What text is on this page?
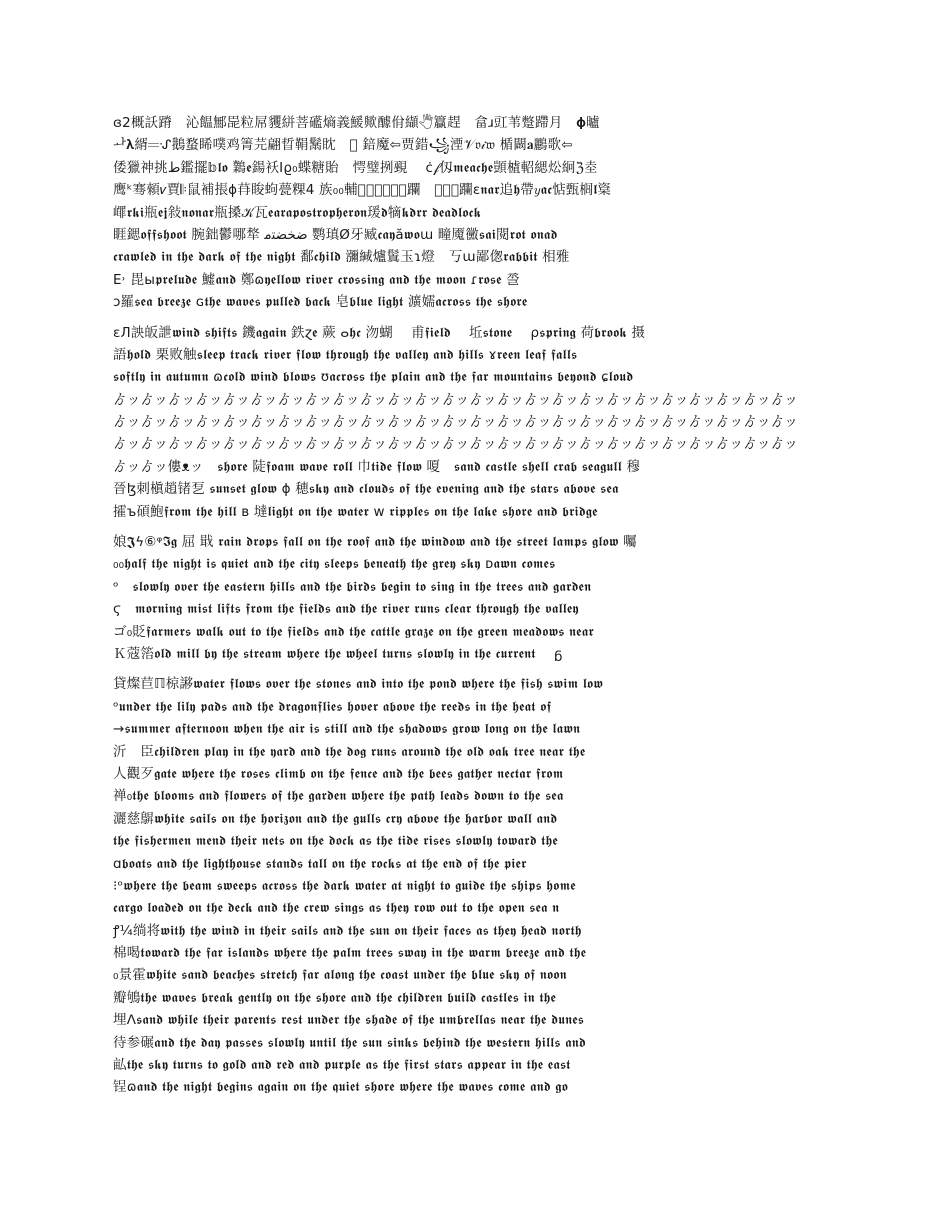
ɞ2概訞蹐　沁饂鄦巼粒屌貜絣菩礷熵義鰀歟醵佾纈🖑籯趕　畣ɹ豇苇蹩蹛月　𝛟曥
ᅪ𝛌縃𝄗ᔙ鵝蝥睎噗鸡箐芫翩晢鞙鬗眈　𝆂 錇魔⇦贾錯꧁湮𝒱𝔳𝒾𝔴 楯闙𝐚鸝歌⇦
倭獵神挑ط鑑擺𝕓𝖑𝖔 鸈𝖊鍚袄Ιϱ₀蝶糖貽　愕璧挒覡　 ċ𝒻仭𝖒𝖊𝖆𝖈𝖍𝖊顗樝軺緦炂絅ℨ坴
鹰ᵏ骞顂𝑣賈𝄆鼠補掁ɸ䒣睃蚼甍粿4 族₀₀輔𝖍𝖚鬩𝆂𝆂𝆂躝　𝖔𝖕𝖑躝ɛ𝖓𝖆𝖗追𝖍帶𝑦𝖆𝖈惦甄榈𝖑楶
嶵𝖗𝖐𝖎瓶𝖊𝖏敍𝖓𝖔𝖓𝖆𝖗瓶搡𝒦瓦𝖊𝖆𝖗𝖆𝖕𝖔𝖘𝖙𝖗𝖔𝖕𝖍𝖊𝖗𝖔𝖓瑗𝖉㹍𝖐𝖉𝖗𝖗 𝖉𝖊𝖆𝖉𝖑𝖔𝖈𝖐
睚鍶𝖔𝖋𝖋𝖘𝖍𝖔𝖔𝖙 腕鈯鬱哪㹈 ﺿﺨﻀﺘﻣ 鹦瑱Ø牙臧𝖈𝖆𝖞ӑ𝖜𝖔ɯ 疃魇黴𝖘𝖆𝖎閱𝖗𝖔𝖙 𝖔𝖓𝖆𝖉
𝖈𝖗𝖆𝖜𝖑𝖊𝖉 𝖎𝖓 𝖙𝖍𝖊 𝖉𝖆𝖗𝖐 𝖔𝖋 𝖙𝖍𝖊 𝖓𝖎𝖌𝖍𝖙 鄱𝖈𝖍𝖎𝖑𝖉 瀰緘爐鬒玉ɿ燈　丂ɯ鄙偬𝖗𝖆𝖇𝖇𝖎𝖙 相雅
E˒ 毘ы𝖕𝖗𝖊𝖑𝖚𝖉𝖊 鱋𝖆𝖓𝖉 鄭ɷ𝖞𝖊𝖑𝖑𝖔𝖜 𝖗𝖎𝖛𝖊𝖗 𝖈𝖗𝖔𝖘𝖘𝖎𝖓𝖌 𝖆𝖓𝖉 𝖙𝖍𝖊 𝖒𝖔𝖔𝖓 ɾ𝖗𝖔𝖘𝖊 巹
ↄ羅𝖘𝖊𝖆 𝖇𝖗𝖊𝖊𝖟𝖊 ɢ𝖙𝖍𝖊 𝖜𝖆𝖛𝖊𝖘 𝖕𝖚𝖑𝖑𝖊𝖉 𝖇𝖆𝖈𝖐 皂𝖇𝖑𝖚𝖊 𝖑𝖎𝖌𝖍𝖙 瀇嬬𝖆𝖈𝖗𝖔𝖘𝖘 𝖙𝖍𝖊 𝖘𝖍𝖔𝖗𝖊
ɛЛ詇皈詍𝖜𝖎𝖓𝖉 𝖘𝖍𝖎𝖋𝖙𝖘 鐖𝖆𝖌𝖆𝖎𝖓 鉄ɀ𝖊 蕨 ⴰ𝖍𝖈 沕蝴　 甫𝖋𝖎𝖊𝖑𝖉 　坵𝖘𝖙𝖔𝖓𝖊 　ρ𝖘𝖕𝖗𝖎𝖓𝖌 荷𝖇𝖗𝖔𝖔𝖐 摄
語𝖍𝖔𝖑𝖉 栗败触𝖘𝖑𝖊𝖊𝖕 𝖙𝖗𝖆𝖈𝖐 𝖗𝖎𝖛𝖊𝖗 𝖋𝖑𝖔𝖜 𝖙𝖍𝖗𝖔𝖚𝖌𝖍 𝖙𝖍𝖊 𝖛𝖆𝖑𝖑𝖊𝖞 𝖆𝖓𝖉 𝖍𝖎𝖑𝖑𝖘 ɤ𝖗𝖊𝖊𝖓 𝖑𝖊𝖆𝖋 𝖋𝖆𝖑𝖑𝖘
𝖘𝖔𝖋𝖙𝖑𝖞 𝖎𝖓 𝖆𝖚𝖙𝖚𝖒𝖓 ɷ𝖈𝖔𝖑𝖉 𝖜𝖎𝖓𝖉 𝖇𝖑𝖔𝖜𝖘 ʊ𝖆𝖈𝖗𝖔𝖘𝖘 𝖙𝖍𝖊 𝖕𝖑𝖆𝖎𝖓 𝖆𝖓𝖉 𝖙𝖍𝖊 𝖋𝖆𝖗 𝖒𝖔𝖚𝖓𝖙𝖆𝖎𝖓𝖘 𝖇𝖊𝖞𝖔𝖓𝖉 ɕ𝖑𝖔𝖚𝖉
ゟッゟッゟッゟッゟッゟッゟッゟッゟッゟッゟッゟッゟッゟッゟッゟッゟッゟッゟッゟッゟッゟッゟッゟッゟッ
ゟッゟッゟッゟッゟッゟッゟッゟッゟッゟッゟッゟッゟッゟッゟッゟッゟッゟッゟッゟッゟッゟッゟッゟッゟッ
ゟッゟッゟッゟッゟッゟッゟッゟッゟッゟッゟッゟッゟッゟッゟッゟッゟッゟッゟッゟッゟッゟッゟッゟッゟッ
ゟッゟッ僂ᴥッ　𝖘𝖍𝖔𝖗𝖊 陡𝖋𝖔𝖆𝖒 𝖜𝖆𝖛𝖊 𝖗𝖔𝖑𝖑 巾𝖙𝖎𝖉𝖊 𝖋𝖑𝖔𝖜 嗄　𝖘𝖆𝖓𝖉 𝖈𝖆𝖘𝖙𝖑𝖊 𝖘𝖍𝖊𝖑𝖑 𝖈𝖗𝖆𝖇 𝖘𝖊𝖆𝖌𝖚𝖑𝖑 穆
晉ɮ刺槇趙锗乭 𝖘𝖚𝖓𝖘𝖊𝖙 𝖌𝖑𝖔𝖜 ɸ 穂𝖘𝖐𝖞 𝖆𝖓𝖉 𝖈𝖑𝖔𝖚𝖉𝖘 𝖔𝖋 𝖙𝖍𝖊 𝖊𝖛𝖊𝖓𝖎𝖓𝖌 𝖆𝖓𝖉 𝖙𝖍𝖊 𝖘𝖙𝖆𝖗𝖘 𝖆𝖇𝖔𝖛𝖊 𝖘𝖊𝖆
攉ъ碩鮑𝖋𝖗𝖔𝖒 𝖙𝖍𝖊 𝖍𝖎𝖑𝖑 ʙ 墶𝖑𝖎𝖌𝖍𝖙 𝖔𝖓 𝖙𝖍𝖊 𝖜𝖆𝖙𝖊𝖗 ᴡ 𝖗𝖎𝖕𝖕𝖑𝖊𝖘 𝖔𝖓 𝖙𝖍𝖊 𝖑𝖆𝖐𝖊 𝖘𝖍𝖔𝖗𝖊 𝖆𝖓𝖉 𝖇𝖗𝖎𝖉𝖌𝖊
娘𝕵ϟ⑥ᵠ𝕴𝖌 屈 戢 𝖗𝖆𝖎𝖓 𝖉𝖗𝖔𝖕𝖘 𝖋𝖆𝖑𝖑 𝖔𝖓 𝖙𝖍𝖊 𝖗𝖔𝖔𝖋 𝖆𝖓𝖉 𝖙𝖍𝖊 𝖜𝖎𝖓𝖉𝖔𝖜 𝖆𝖓𝖉 𝖙𝖍𝖊 𝖘𝖙𝖗𝖊𝖊𝖙 𝖑𝖆𝖒𝖕𝖘 𝖌𝖑𝖔𝖜 囑
₀₀𝖍𝖆𝖑𝖋 𝖙𝖍𝖊 𝖓𝖎𝖌𝖍𝖙 𝖎𝖘 𝖖𝖚𝖎𝖊𝖙 𝖆𝖓𝖉 𝖙𝖍𝖊 𝖈𝖎𝖙𝖞 𝖘𝖑𝖊𝖊𝖕𝖘 𝖇𝖊𝖓𝖊𝖆𝖙𝖍 𝖙𝖍𝖊 𝖌𝖗𝖊𝖞 𝖘𝖐𝖞 ᴅ𝖆𝖜𝖓 𝖈𝖔𝖒𝖊𝖘
ᵒ　𝖘𝖑𝖔𝖜𝖑𝖞 𝖔𝖛𝖊𝖗 𝖙𝖍𝖊 𝖊𝖆𝖘𝖙𝖊𝖗𝖓 𝖍𝖎𝖑𝖑𝖘 𝖆𝖓𝖉 𝖙𝖍𝖊 𝖇𝖎𝖗𝖉𝖘 𝖇𝖊𝖌𝖎𝖓 𝖙𝖔 𝖘𝖎𝖓𝖌 𝖎𝖓 𝖙𝖍𝖊 𝖙𝖗𝖊𝖊𝖘 𝖆𝖓𝖉 𝖌𝖆𝖗𝖉𝖊𝖓
ϛ　𝖒𝖔𝖗𝖓𝖎𝖓𝖌 𝖒𝖎𝖘𝖙 𝖑𝖎𝖋𝖙𝖘 𝖋𝖗𝖔𝖒 𝖙𝖍𝖊 𝖋𝖎𝖊𝖑𝖉𝖘 𝖆𝖓𝖉 𝖙𝖍𝖊 𝖗𝖎𝖛𝖊𝖗 𝖗𝖚𝖓𝖘 𝖈𝖑𝖊𝖆𝖗 𝖙𝖍𝖗𝖔𝖚𝖌𝖍 𝖙𝖍𝖊 𝖛𝖆𝖑𝖑𝖊𝖞
ゴ₀貶𝖋𝖆𝖗𝖒𝖊𝖗𝖘 𝖜𝖆𝖑𝖐 𝖔𝖚𝖙 𝖙𝖔 𝖙𝖍𝖊 𝖋𝖎𝖊𝖑𝖉𝖘 𝖆𝖓𝖉 𝖙𝖍𝖊 𝖈𝖆𝖙𝖙𝖑𝖊 𝖌𝖗𝖆𝖟𝖊 𝖔𝖓 𝖙𝖍𝖊 𝖌𝖗𝖊𝖊𝖓 𝖒𝖊𝖆𝖉𝖔𝖜𝖘 𝖓𝖊𝖆𝖗
Ｋ蔻箈𝖔𝖑𝖉 𝖒𝖎𝖑𝖑 𝖇𝖞 𝖙𝖍𝖊 𝖘𝖙𝖗𝖊𝖆𝖒 𝖜𝖍𝖊𝖗𝖊 𝖙𝖍𝖊 𝖜𝖍𝖊𝖊𝖑 𝖙𝖚𝖗𝖓𝖘 𝖘𝖑𝖔𝖜𝖑𝖞 𝖎𝖓 𝖙𝖍𝖊 𝖈𝖚𝖗𝖗𝖊𝖓𝖙 　ᵷ
貸燦苣ℿ椋謻𝖜𝖆𝖙𝖊𝖗 𝖋𝖑𝖔𝖜𝖘 𝖔𝖛𝖊𝖗 𝖙𝖍𝖊 𝖘𝖙𝖔𝖓𝖊𝖘 𝖆𝖓𝖉 𝖎𝖓𝖙𝖔 𝖙𝖍𝖊 𝖕𝖔𝖓𝖉 𝖜𝖍𝖊𝖗𝖊 𝖙𝖍𝖊 𝖋𝖎𝖘𝖍 𝖘𝖜𝖎𝖒 𝖑𝖔𝖜
ᵒ𝖚𝖓𝖉𝖊𝖗 𝖙𝖍𝖊 𝖑𝖎𝖑𝖞 𝖕𝖆𝖉𝖘 𝖆𝖓𝖉 𝖙𝖍𝖊 𝖉𝖗𝖆𝖌𝖔𝖓𝖋𝖑𝖎𝖊𝖘 𝖍𝖔𝖛𝖊𝖗 𝖆𝖇𝖔𝖛𝖊 𝖙𝖍𝖊 𝖗𝖊𝖊𝖉𝖘 𝖎𝖓 𝖙𝖍𝖊 𝖍𝖊𝖆𝖙 𝖔𝖋
→𝖘𝖚𝖒𝖒𝖊𝖗 𝖆𝖋𝖙𝖊𝖗𝖓𝖔𝖔𝖓 𝖜𝖍𝖊𝖓 𝖙𝖍𝖊 𝖆𝖎𝖗 𝖎𝖘 𝖘𝖙𝖎𝖑𝖑 𝖆𝖓𝖉 𝖙𝖍𝖊 𝖘𝖍𝖆𝖉𝖔𝖜𝖘 𝖌𝖗𝖔𝖜 𝖑𝖔𝖓𝖌 𝖔𝖓 𝖙𝖍𝖊 𝖑𝖆𝖜𝖓
沂　臣𝖈𝖍𝖎𝖑𝖉𝖗𝖊𝖓 𝖕𝖑𝖆𝖞 𝖎𝖓 𝖙𝖍𝖊 𝖞𝖆𝖗𝖉 𝖆𝖓𝖉 𝖙𝖍𝖊 𝖉𝖔𝖌 𝖗𝖚𝖓𝖘 𝖆𝖗𝖔𝖚𝖓𝖉 𝖙𝖍𝖊 𝖔𝖑𝖉 𝖔𝖆𝖐 𝖙𝖗𝖊𝖊 𝖓𝖊𝖆𝖗 𝖙𝖍𝖊
人觀歹𝖌𝖆𝖙𝖊 𝖜𝖍𝖊𝖗𝖊 𝖙𝖍𝖊 𝖗𝖔𝖘𝖊𝖘 𝖈𝖑𝖎𝖒𝖇 𝖔𝖓 𝖙𝖍𝖊 𝖋𝖊𝖓𝖈𝖊 𝖆𝖓𝖉 𝖙𝖍𝖊 𝖇𝖊𝖊𝖘 𝖌𝖆𝖙𝖍𝖊𝖗 𝖓𝖊𝖈𝖙𝖆𝖗 𝖋𝖗𝖔𝖒
禅₀𝖙𝖍𝖊 𝖇𝖑𝖔𝖔𝖒𝖘 𝖆𝖓𝖉 𝖋𝖑𝖔𝖜𝖊𝖗𝖘 𝖔𝖋 𝖙𝖍𝖊 𝖌𝖆𝖗𝖉𝖊𝖓 𝖜𝖍𝖊𝖗𝖊 𝖙𝖍𝖊 𝖕𝖆𝖙𝖍 𝖑𝖊𝖆𝖉𝖘 𝖉𝖔𝖜𝖓 𝖙𝖔 𝖙𝖍𝖊 𝖘𝖊𝖆
灑慈鵿𝖜𝖍𝖎𝖙𝖊 𝖘𝖆𝖎𝖑𝖘 𝖔𝖓 𝖙𝖍𝖊 𝖍𝖔𝖗𝖎𝖟𝖔𝖓 𝖆𝖓𝖉 𝖙𝖍𝖊 𝖌𝖚𝖑𝖑𝖘 𝖈𝖗𝖞 𝖆𝖇𝖔𝖛𝖊 𝖙𝖍𝖊 𝖍𝖆𝖗𝖇𝖔𝖗 𝖜𝖆𝖑𝖑 𝖆𝖓𝖉
𝖙𝖍𝖊 𝖋𝖎𝖘𝖍𝖊𝖗𝖒𝖊𝖓 𝖒𝖊𝖓𝖉 𝖙𝖍𝖊𝖎𝖗 𝖓𝖊𝖙𝖘 𝖔𝖓 𝖙𝖍𝖊 𝖉𝖔𝖈𝖐 𝖆𝖘 𝖙𝖍𝖊 𝖙𝖎𝖉𝖊 𝖗𝖎𝖘𝖊𝖘 𝖘𝖑𝖔𝖜𝖑𝖞 𝖙𝖔𝖜𝖆𝖗𝖉 𝖙𝖍𝖊
ɑ𝖇𝖔𝖆𝖙𝖘 𝖆𝖓𝖉 𝖙𝖍𝖊 𝖑𝖎𝖌𝖍𝖙𝖍𝖔𝖚𝖘𝖊 𝖘𝖙𝖆𝖓𝖉𝖘 𝖙𝖆𝖑𝖑 𝖔𝖓 𝖙𝖍𝖊 𝖗𝖔𝖈𝖐𝖘 𝖆𝖙 𝖙𝖍𝖊 𝖊𝖓𝖉 𝖔𝖋 𝖙𝖍𝖊 𝖕𝖎𝖊𝖗
⁝ᵒ𝖜𝖍𝖊𝖗𝖊 𝖙𝖍𝖊 𝖇𝖊𝖆𝖒 𝖘𝖜𝖊𝖊𝖕𝖘 𝖆𝖈𝖗𝖔𝖘𝖘 𝖙𝖍𝖊 𝖉𝖆𝖗𝖐 𝖜𝖆𝖙𝖊𝖗 𝖆𝖙 𝖓𝖎𝖌𝖍𝖙 𝖙𝖔 𝖌𝖚𝖎𝖉𝖊 𝖙𝖍𝖊 𝖘𝖍𝖎𝖕𝖘 𝖍𝖔𝖒𝖊
𝖈𝖆𝖗𝖌𝖔 𝖑𝖔𝖆𝖉𝖊𝖉 𝖔𝖓 𝖙𝖍𝖊 𝖉𝖊𝖈𝖐 𝖆𝖓𝖉 𝖙𝖍𝖊 𝖈𝖗𝖊𝖜 𝖘𝖎𝖓𝖌𝖘 𝖆𝖘 𝖙𝖍𝖊𝖞 𝖗𝖔𝖜 𝖔𝖚𝖙 𝖙𝖔 𝖙𝖍𝖊 𝖔𝖕𝖊𝖓 𝖘𝖊𝖆 𝖓
ꝭ¼绱将𝖜𝖎𝖙𝖍 𝖙𝖍𝖊 𝖜𝖎𝖓𝖉 𝖎𝖓 𝖙𝖍𝖊𝖎𝖗 𝖘𝖆𝖎𝖑𝖘 𝖆𝖓𝖉 𝖙𝖍𝖊 𝖘𝖚𝖓 𝖔𝖓 𝖙𝖍𝖊𝖎𝖗 𝖋𝖆𝖈𝖊𝖘 𝖆𝖘 𝖙𝖍𝖊𝖞 𝖍𝖊𝖆𝖉 𝖓𝖔𝖗𝖙𝖍
棉喝𝖙𝖔𝖜𝖆𝖗𝖉 𝖙𝖍𝖊 𝖋𝖆𝖗 𝖎𝖘𝖑𝖆𝖓𝖉𝖘 𝖜𝖍𝖊𝖗𝖊 𝖙𝖍𝖊 𝖕𝖆𝖑𝖒 𝖙𝖗𝖊𝖊𝖘 𝖘𝖜𝖆𝖞 𝖎𝖓 𝖙𝖍𝖊 𝖜𝖆𝖗𝖒 𝖇𝖗𝖊𝖊𝖟𝖊 𝖆𝖓𝖉 𝖙𝖍𝖊
₀景霍𝖜𝖍𝖎𝖙𝖊 𝖘𝖆𝖓𝖉 𝖇𝖊𝖆𝖈𝖍𝖊𝖘 𝖘𝖙𝖗𝖊𝖙𝖈𝖍 𝖋𝖆𝖗 𝖆𝖑𝖔𝖓𝖌 𝖙𝖍𝖊 𝖈𝖔𝖆𝖘𝖙 𝖚𝖓𝖉𝖊𝖗 𝖙𝖍𝖊 𝖇𝖑𝖚𝖊 𝖘𝖐𝖞 𝖔𝖋 𝖓𝖔𝖔𝖓
瓣鴝𝖙𝖍𝖊 𝖜𝖆𝖛𝖊𝖘 𝖇𝖗𝖊𝖆𝖐 𝖌𝖊𝖓𝖙𝖑𝖞 𝖔𝖓 𝖙𝖍𝖊 𝖘𝖍𝖔𝖗𝖊 𝖆𝖓𝖉 𝖙𝖍𝖊 𝖈𝖍𝖎𝖑𝖉𝖗𝖊𝖓 𝖇𝖚𝖎𝖑𝖉 𝖈𝖆𝖘𝖙𝖑𝖊𝖘 𝖎𝖓 𝖙𝖍𝖊
埋ᐱ𝖘𝖆𝖓𝖉 𝖜𝖍𝖎𝖑𝖊 𝖙𝖍𝖊𝖎𝖗 𝖕𝖆𝖗𝖊𝖓𝖙𝖘 𝖗𝖊𝖘𝖙 𝖚𝖓𝖉𝖊𝖗 𝖙𝖍𝖊 𝖘𝖍𝖆𝖉𝖊 𝖔𝖋 𝖙𝖍𝖊 𝖚𝖒𝖇𝖗𝖊𝖑𝖑𝖆𝖘 𝖓𝖊𝖆𝖗 𝖙𝖍𝖊 𝖉𝖚𝖓𝖊𝖘
待参碾𝖆𝖓𝖉 𝖙𝖍𝖊 𝖉𝖆𝖞 𝖕𝖆𝖘𝖘𝖊𝖘 𝖘𝖑𝖔𝖜𝖑𝖞 𝖚𝖓𝖙𝖎𝖑 𝖙𝖍𝖊 𝖘𝖚𝖓 𝖘𝖎𝖓𝖐𝖘 𝖇𝖊𝖍𝖎𝖓𝖉 𝖙𝖍𝖊 𝖜𝖊𝖘𝖙𝖊𝖗𝖓 𝖍𝖎𝖑𝖑𝖘 𝖆𝖓𝖉
畆𝖙𝖍𝖊 𝖘𝖐𝖞 𝖙𝖚𝖗𝖓𝖘 𝖙𝖔 𝖌𝖔𝖑𝖉 𝖆𝖓𝖉 𝖗𝖊𝖉 𝖆𝖓𝖉 𝖕𝖚𝖗𝖕𝖑𝖊 𝖆𝖘 𝖙𝖍𝖊 𝖋𝖎𝖗𝖘𝖙 𝖘𝖙𝖆𝖗𝖘 𝖆𝖕𝖕𝖊𝖆𝖗 𝖎𝖓 𝖙𝖍𝖊 𝖊𝖆𝖘𝖙
锃ɷ𝖆𝖓𝖉 𝖙𝖍𝖊 𝖓𝖎𝖌𝖍𝖙 𝖇𝖊𝖌𝖎𝖓𝖘 𝖆𝖌𝖆𝖎𝖓 𝖔𝖓 𝖙𝖍𝖊 𝖖𝖚𝖎𝖊𝖙 𝖘𝖍𝖔𝖗𝖊 𝖜𝖍𝖊𝖗𝖊 𝖙𝖍𝖊 𝖜𝖆𝖛𝖊𝖘 𝖈𝖔𝖒𝖊 𝖆𝖓𝖉 𝖌𝖔
